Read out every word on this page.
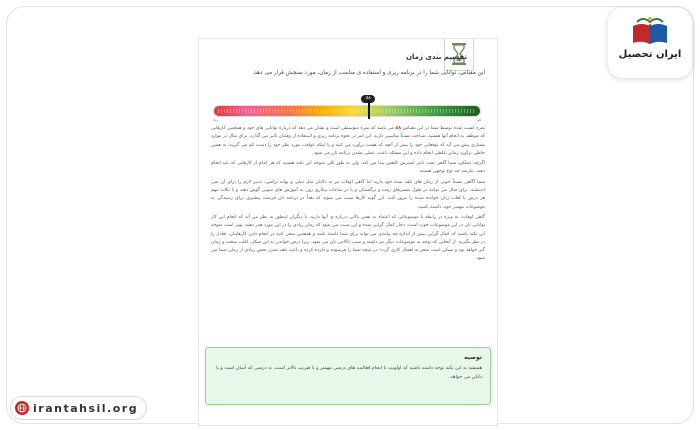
ایران تحصیل
irantahsil.org
تقسیم بندی زمان
این مقیاس، توانایی شما را در برنامه ریزی و استفاده ی مناسب از زمان، مورد سنجش قرار می دهد.
۵۸
زیاد	کم

نمره کسب شده توسط شما در این مقیاس ۵۸ می باشد که نمره متوسطی است و نشان می دهد که درباره توانایی های خود و همچنین کارهایی که موظف به انجام آنها هستید، شناخت نسبتاً مناسبی دارید. این امر در نحوه برنامه ریزی و استفاده از وقتتان تاثیر می گذارد. برای مثال در موارد بسیاری پیش می آید که توقعاتی خود را بیش از آنچه که هست برآورد می کنید و یا اینکه عواقب مورد نظر خود را دست کم می گیرید، به همین خاطر، برآورد زمانی غلطی انجام داده و این مسئله باعث، عملی نشدن برنامه تان می شود.

اگرچه عملکرد شما گاهی تحت تاثیر استرس کاهش پیدا می کند، ولی به طور کلی متوجه این نکته هستید که هر کدام از کارهایی که باید انجام دهید، نیازمند چه نوع توجهی هستند.

شما آگاهی نسبتاً خوبی از زمان های تلف شده خود دارید اما گاهی اوقات نیز به دلایلی مثل تنبلی و بهانه تراشی، تدبیر لازم را برای آن نمی اندیشید. برای مثال می توانید در طول مسیرهای رفت و برگشتتان و یا در ساعات بیکاری روز، به آموزش های صوتی گوش دهید و یا نکات مهم هر درس یا لغات زبان خوانده شده را مرور کنید. این گونه کارها سبب می شوند که بعداً در برنامه تان فرصت بیشتری برای رسیدگی به موضوعات مهمتر خود، داشته باشید.

گاهی اوقات، به ویژه در رابطه با موضوعاتی که اعتماد به نفس بالایی درباره ی آنها دارید، با دیگران اینطور به نظر می آید که انجام این کار توانایی تان در این موضوعات خوب است، دچار کمال گرایی شده و این سبب می شود که زمان زیادی را در این مورد هدر دهید. بهتر است متوجه این نکته باشید که کمال گرایی بیش از اندازه چه پیامدی می تواند برای شما داشته باشد و همچنین سعی کنید در انجام دادن کارهایتان، تعادل را در نظر بگیرید. از آنجایی که توجه به موضوعات دیگر نیز داشته و سبب ناکامی تان می شود. زیرا درس خواندن به این شکل، اغلب سخت و زمان گیر خواهد بود و ممکن است منجر به اهمال کاری گردد؛ در نتیجه شما را فرسوده و دلزده کرده و باعث تلف شدن بخش زیادی از زمان شما می شود.

توصیه
همیشه به این نکته توجه داشته باشید که اولویت با انجام فعالیت های درسی مهمتر و با ضریب بالاتر است، نه درسی که آسان است و یا دلتان می خواهد.
